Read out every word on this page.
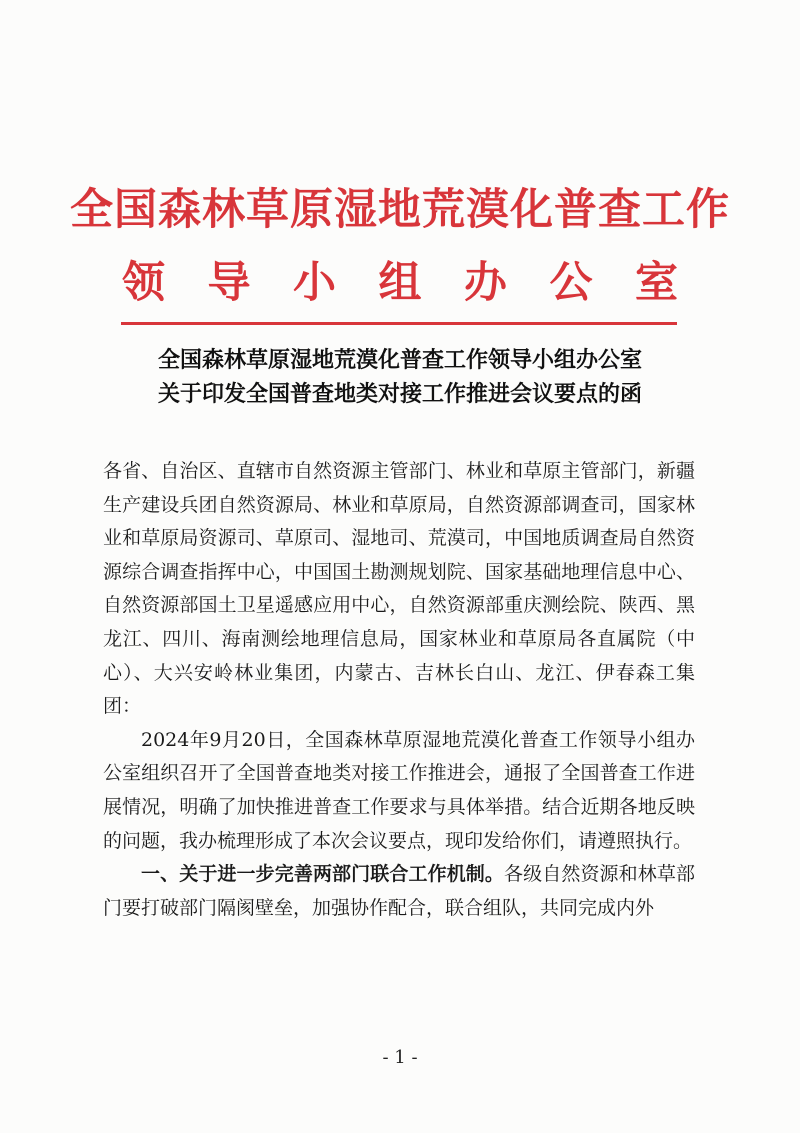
全国森林草原湿地荒漠化普查工作
领 导 小 组 办 公 室
全国森林草原湿地荒漠化普查工作领导小组办公室
关于印发全国普查地类对接工作推进会议要点的函

各省、自治区、直辖市自然资源主管部门、林业和草原主管部门，新疆生产建设兵团自然资源局、林业和草原局，自然资源部调查司，国家林业和草原局资源司、草原司、湿地司、荒漠司，中国地质调查局自然资源综合调查指挥中心，中国国土勘测规划院、国家基础地理信息中心、自然资源部国土卫星遥感应用中心，自然资源部重庆测绘院、陕西、黑龙江、四川、海南测绘地理信息局，国家林业和草原局各直属院（中心）、大兴安岭林业集团，内蒙古、吉林长白山、龙江、伊春森工集团：

2024年9月20日，全国森林草原湿地荒漠化普查工作领导小组办公室组织召开了全国普查地类对接工作推进会，通报了全国普查工作进展情况，明确了加快推进普查工作要求与具体举措。结合近期各地反映的问题，我办梳理形成了本次会议要点，现印发给你们，请遵照执行。

一、关于进一步完善两部门联合工作机制。各级自然资源和林草部门要打破部门隔阂壁垒，加强协作配合，联合组队，共同完成内外

- 1 -
